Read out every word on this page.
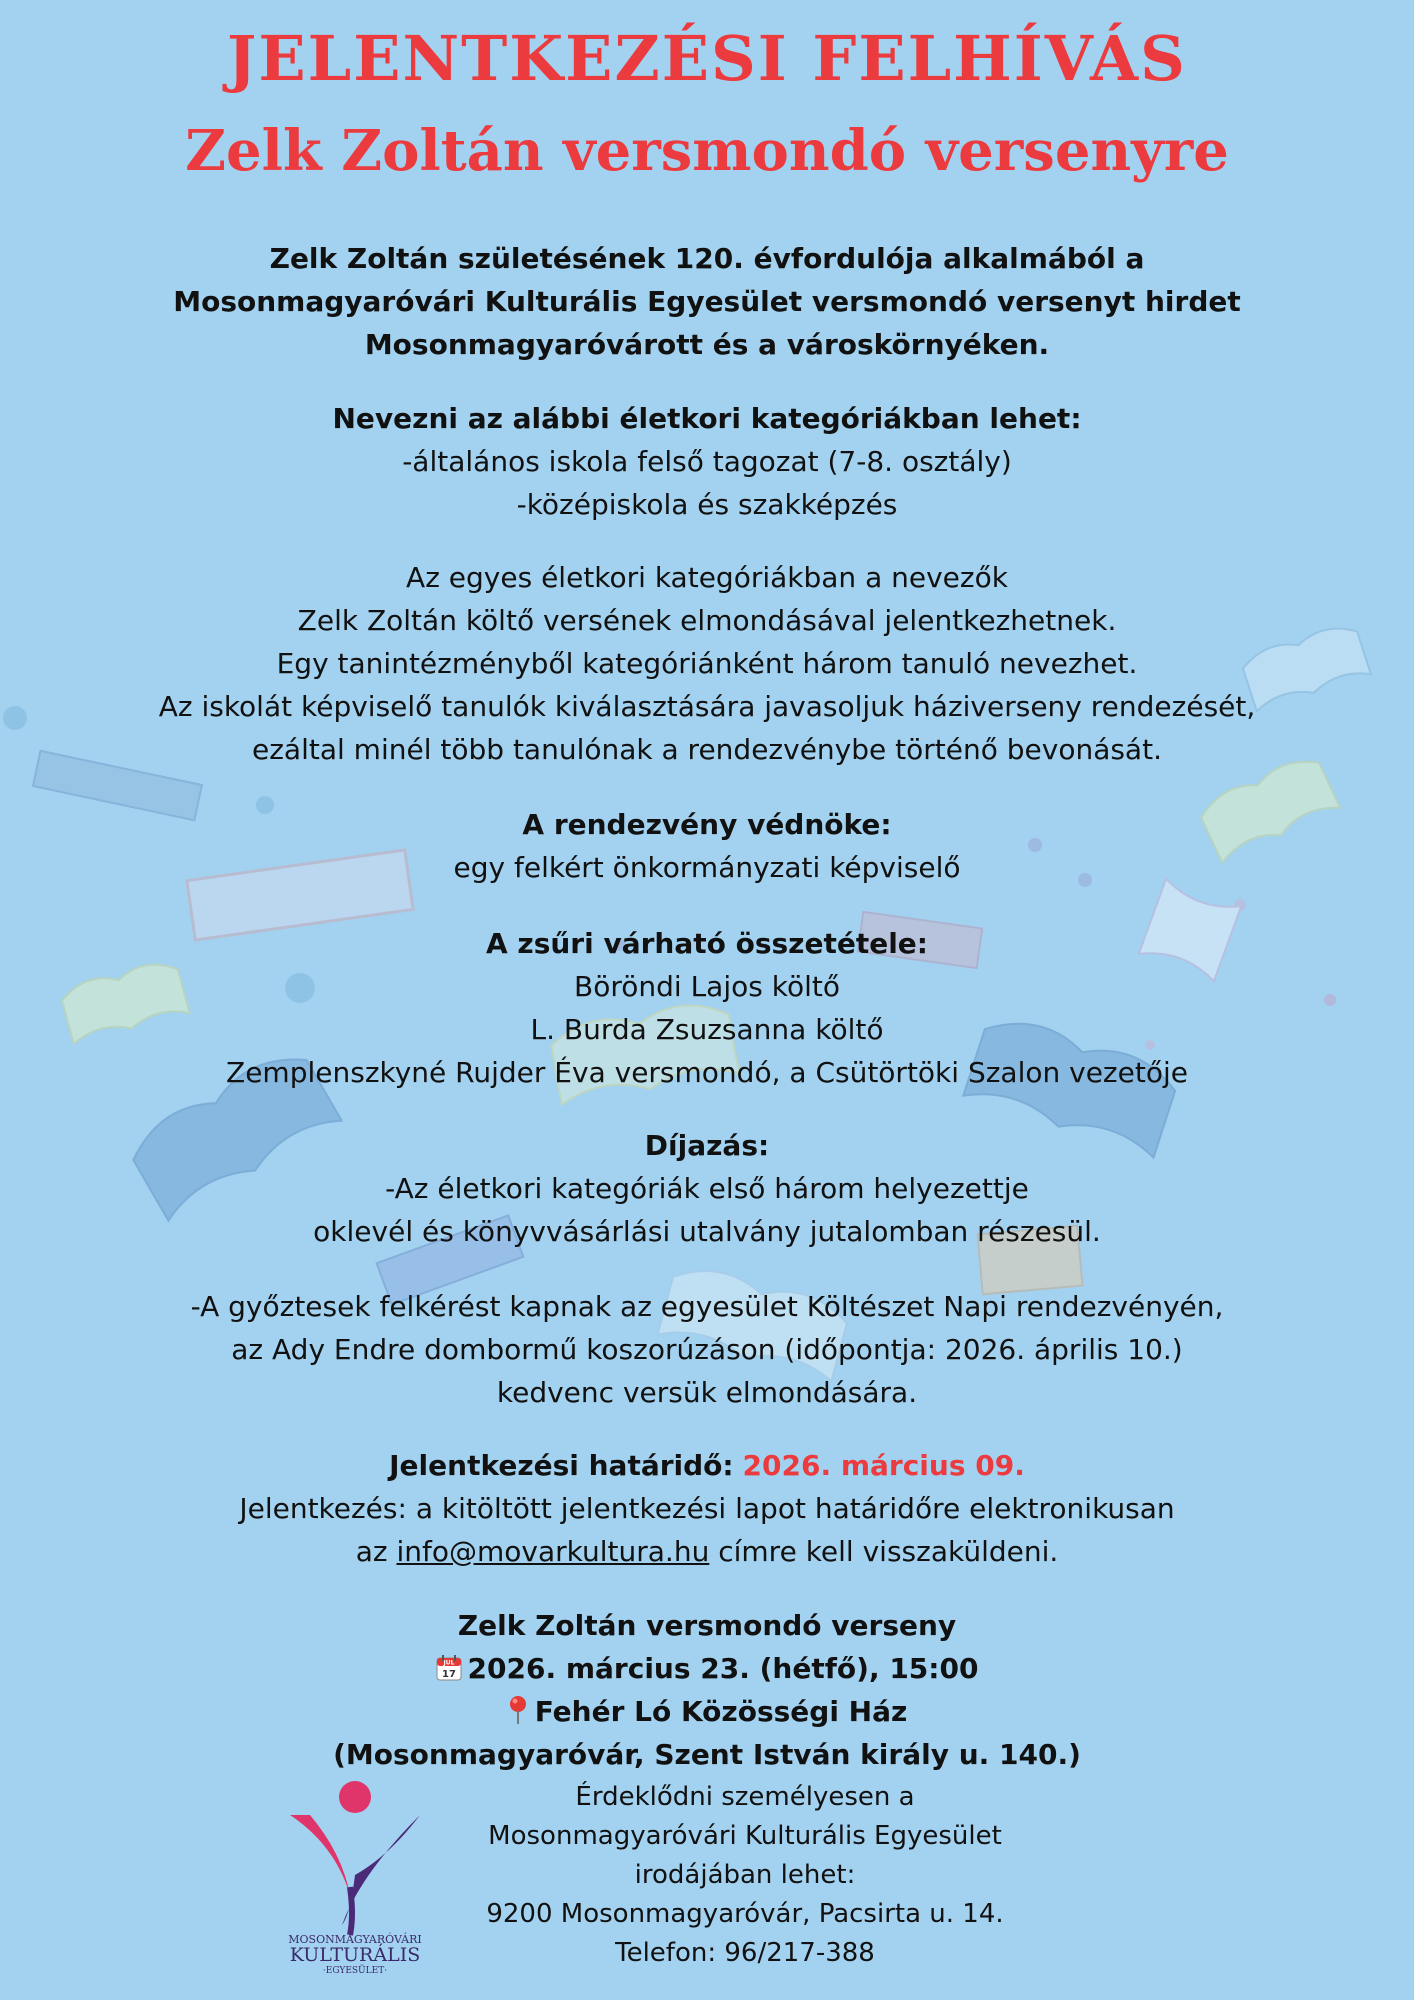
JELENTKEZÉSI FELHÍVÁS
Zelk Zoltán versmondó versenyre
Zelk Zoltán születésének 120. évfordulója alkalmából a
Mosonmagyaróvári Kulturális Egyesület versmondó versenyt hirdet
Mosonmagyaróvárott és a városkörnyéken.
Nevezni az alábbi életkori kategóriákban lehet:
-általános iskola felső tagozat (7-8. osztály)
-középiskola és szakképzés
Az egyes életkori kategóriákban a nevezők
Zelk Zoltán költő versének elmondásával jelentkezhetnek.
Egy tanintézményből kategóriánként három tanuló nevezhet.
Az iskolát képviselő tanulók kiválasztására javasoljuk háziverseny rendezését,
ezáltal minél több tanulónak a rendezvénybe történő bevonását.
A rendezvény védnöke:
egy felkért önkormányzati képviselő
A zsűri várható összetétele:
Böröndi Lajos költő
L. Burda Zsuzsanna költő
Zemplenszkyné Rujder Éva versmondó, a Csütörtöki Szalon vezetője
Díjazás:
-Az életkori kategóriák első három helyezettje
oklevél és könyvvásárlási utalvány jutalomban részesül.
-A győztesek felkérést kapnak az egyesület Költészet Napi rendezvényén,
az Ady Endre dombormű koszorúzáson (időpontja: 2026. április 10.)
kedvenc versük elmondására.
Jelentkezési határidő: 2026. március 09.
Jelentkezés: a kitöltött jelentkezési lapot határidőre elektronikusan
az info@movarkultura.hu címre kell visszaküldeni.
Zelk Zoltán versmondó verseny
JUL
17 2026. március 23. (hétfő), 15:00
Fehér Ló Közösségi Ház
(Mosonmagyaróvár, Szent István király u. 140.)
MOSONMAGYARÓVÁRI
KULTURÁLIS
·EGYESÜLET·
Érdeklődni személyesen a
Mosonmagyaróvári Kulturális Egyesület
irodájában lehet:
9200 Mosonmagyaróvár, Pacsirta u. 14.
Telefon: 96/217-388
